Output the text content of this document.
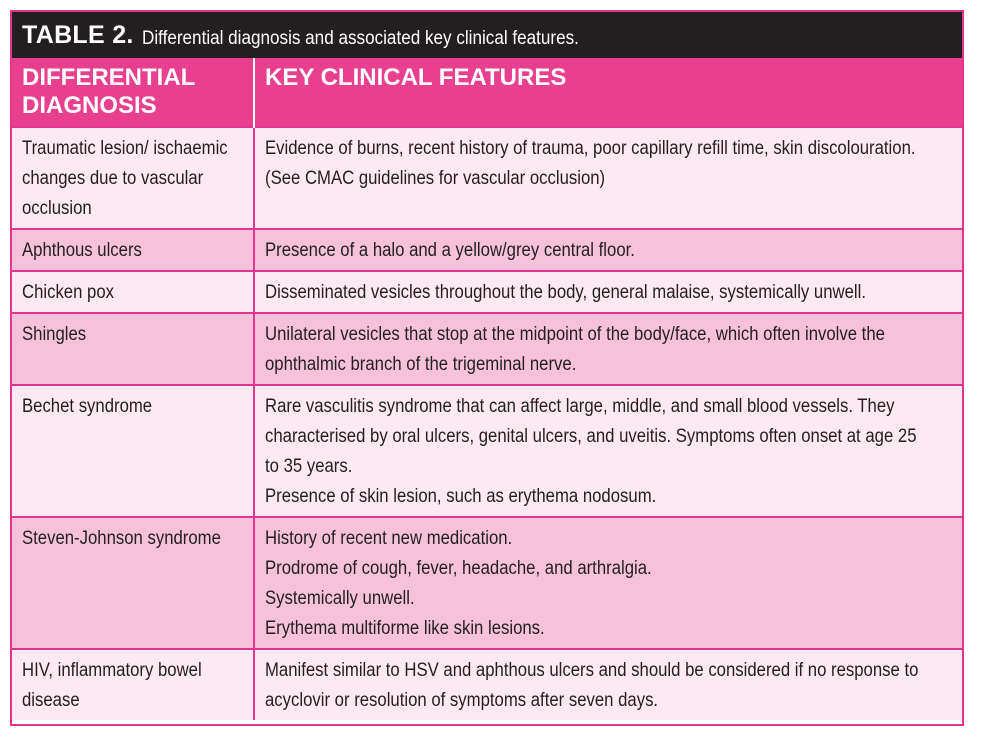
TABLE 2. Differential diagnosis and associated key clinical features.
DIFFERENTIAL
DIAGNOSIS	KEY CLINICAL FEATURES

Traumatic lesion/ ischaemic
changes due to vascular
occlusion	Evidence of burns, recent history of trauma, poor capillary refill time, skin discolouration.
(See CMAC guidelines for vascular occlusion)

Aphthous ulcers	Presence of a halo and a yellow/grey central floor.

Chicken pox	Disseminated vesicles throughout the body, general malaise, systemically unwell.

Shingles	Unilateral vesicles that stop at the midpoint of the body/face, which often involve the
ophthalmic branch of the trigeminal nerve.

Bechet syndrome	Rare vasculitis syndrome that can affect large, middle, and small blood vessels. They
characterised by oral ulcers, genital ulcers, and uveitis. Symptoms often onset at age 25
to 35 years.
Presence of skin lesion, such as erythema nodosum.

Steven-Johnson syndrome	History of recent new medication.
Prodrome of cough, fever, headache, and arthralgia.
Systemically unwell.
Erythema multiforme like skin lesions.

HIV, inflammatory bowel
disease	Manifest similar to HSV and aphthous ulcers and should be considered if no response to
acyclovir or resolution of symptoms after seven days.
